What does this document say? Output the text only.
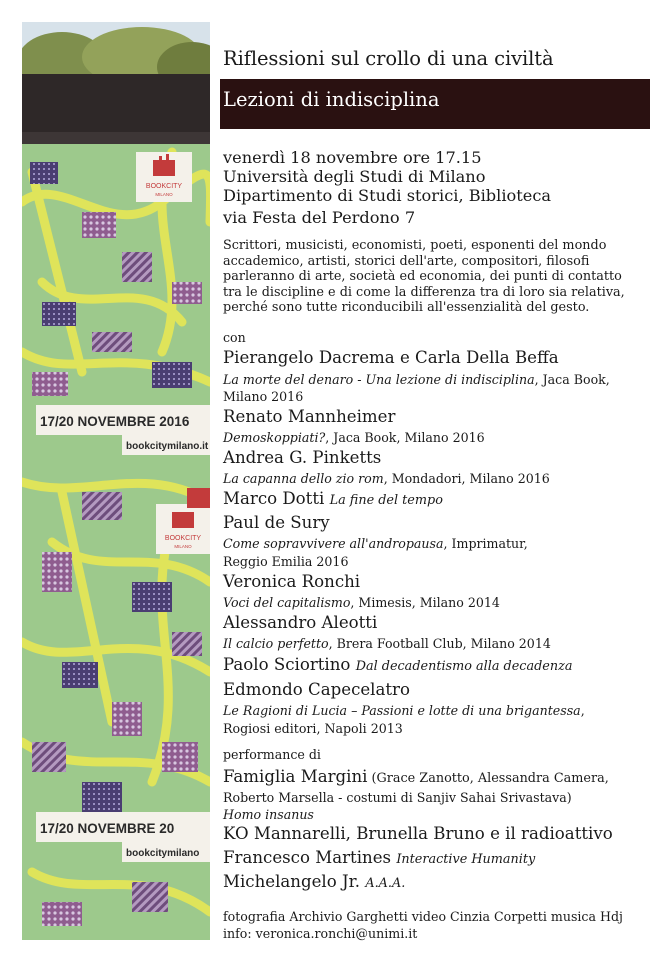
BOOKCITY
MILANO
17/20 NOVEMBRE 2016
bookcitymilano.it
BOOKCITY
MILANO
17/20 NOVEMBRE 20
bookcitymilano
Riflessioni sul crollo di una civiltà
Lezioni di indisciplina
venerdì 18 novembre ore 17.15
Università degli Studi di Milano
Dipartimento di Studi storici, Biblioteca
via Festa del Perdono 7
Scrittori, musicisti, economisti, poeti, esponenti del mondo
accademico, artisti, storici dell'arte, compositori, filosofi
parleranno di arte, società ed economia, dei punti di contatto
tra le discipline e di come la differenza tra di loro sia relativa,
perché sono tutte riconducibili all'essenzialità del gesto.
con
Pierangelo Dacrema e Carla Della Beffa
La morte del denaro - Una lezione di indisciplina, Jaca Book,
Milano 2016
Renato Mannheimer
Demoskoppiati?, Jaca Book, Milano 2016
Andrea G. Pinketts
La capanna dello zio rom, Mondadori, Milano 2016
Marco Dotti La fine del tempo
Paul de Sury
Come sopravvivere all'andropausa, Imprimatur,
Reggio Emilia 2016
Veronica Ronchi
Voci del capitalismo, Mimesis, Milano 2014
Alessandro Aleotti
Il calcio perfetto, Brera Football Club, Milano 2014
Paolo Sciortino Dal decadentismo alla decadenza
Edmondo Capecelatro
Le Ragioni di Lucia – Passioni e lotte di una brigantessa,
Rogiosi editori, Napoli 2013
performance di
Famiglia Margini (Grace Zanotto, Alessandra Camera,
Roberto Marsella - costumi di Sanjiv Sahai Srivastava)
Homo insanus
KO Mannarelli, Brunella Bruno e il radioattivo
Francesco Martines Interactive Humanity
Michelangelo Jr. A.A.A.
fotografia Archivio Garghetti video Cinzia Corpetti musica Hdj
info: veronica.ronchi@unimi.it
